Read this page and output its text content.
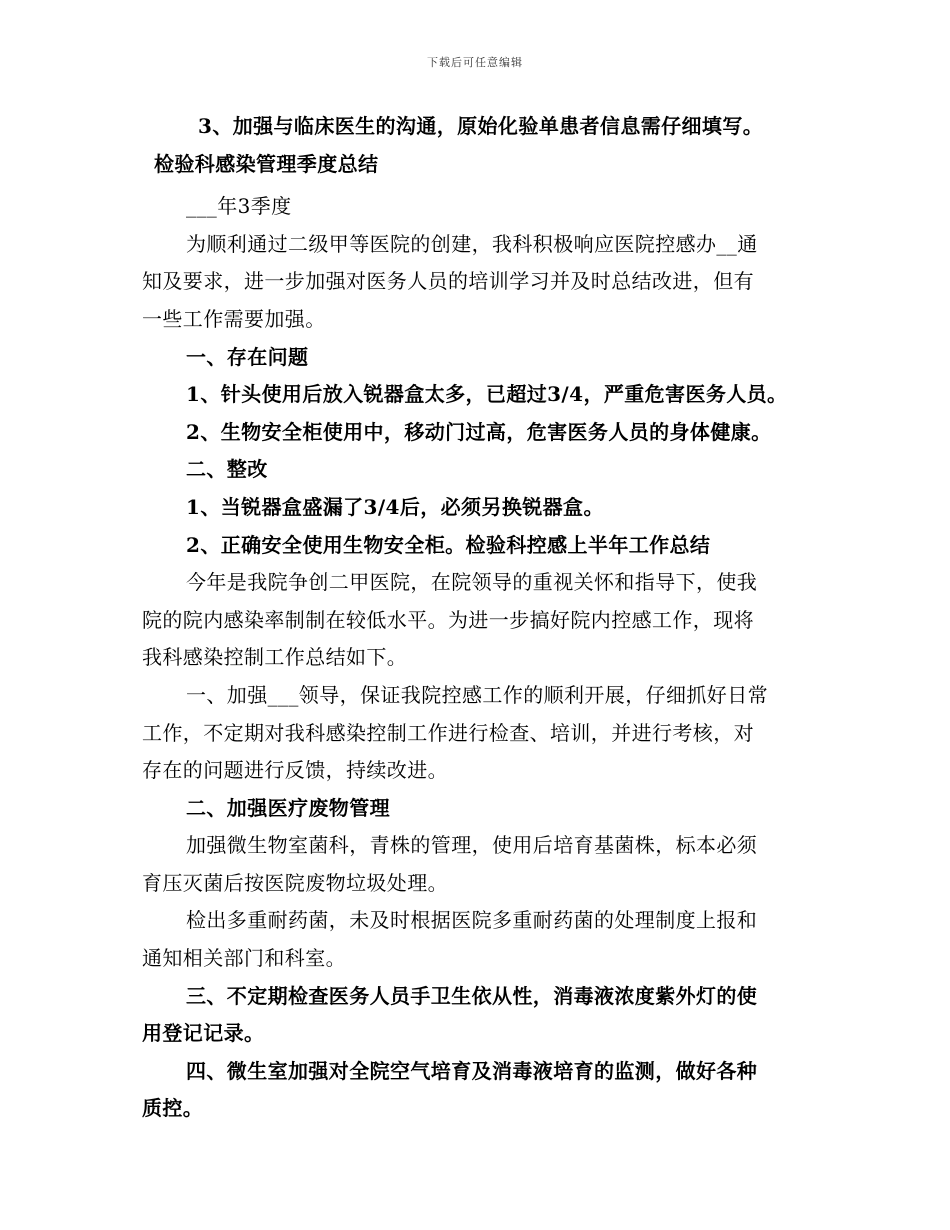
下载后可任意编辑
3、加强与临床医生的沟通，原始化验单患者信息需仔细填写。
检验科感染管理季度总结
___年3季度
为顺利通过二级甲等医院的创建，我科积极响应医院控感办__通
知及要求，进一步加强对医务人员的培训学习并及时总结改进，但有
一些工作需要加强。
一、存在问题
1、针头使用后放入锐器盒太多，已超过3/4，严重危害医务人员。
2、生物安全柜使用中，移动门过高，危害医务人员的身体健康。
二、整改
1、当锐器盒盛漏了3/4后，必须另换锐器盒。
2、正确安全使用生物安全柜。检验科控感上半年工作总结
今年是我院争创二甲医院，在院领导的重视关怀和指导下，使我
院的院内感染率制制在较低水平。为进一步搞好院内控感工作，现将
我科感染控制工作总结如下。
一、加强___领导，保证我院控感工作的顺利开展，仔细抓好日常
工作，不定期对我科感染控制工作进行检查、培训，并进行考核，对
存在的问题进行反馈，持续改进。
二、加强医疗废物管理
加强微生物室菌科，青株的管理，使用后培育基菌株，标本必须
育压灭菌后按医院废物垃圾处理。
检出多重耐药菌，未及时根据医院多重耐药菌的处理制度上报和
通知相关部门和科室。
三、不定期检查医务人员手卫生依从性，消毒液浓度紫外灯的使
用登记记录。
四、微生室加强对全院空气培育及消毒液培育的监测，做好各种
质控。
